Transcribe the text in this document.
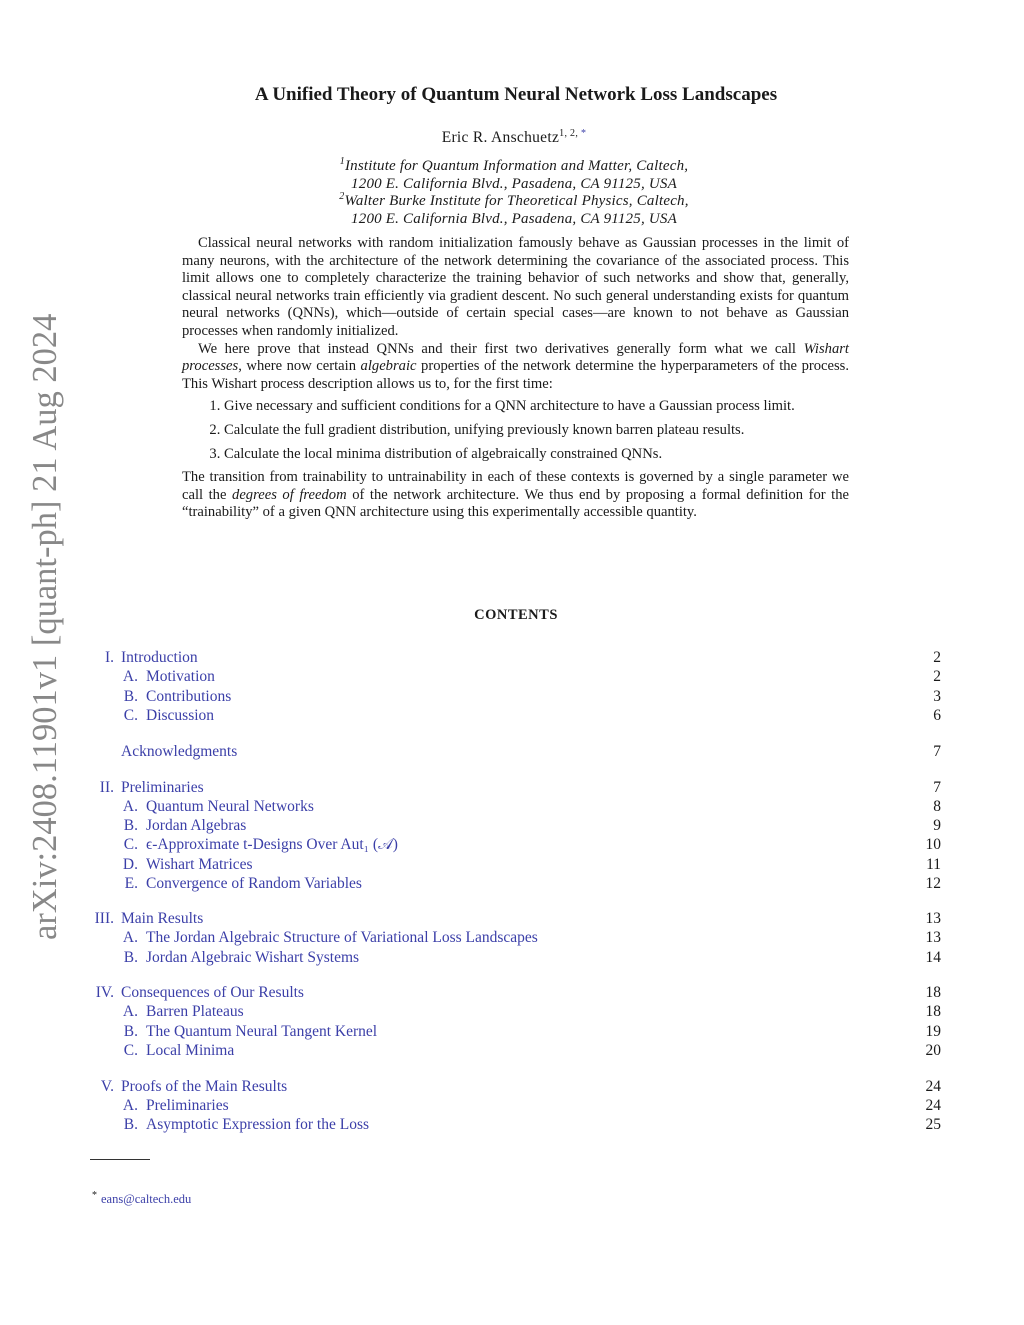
arXiv:2408.11901v1 [quant-ph] 21 Aug 2024
A Unified Theory of Quantum Neural Network Loss Landscapes
Eric R. Anschuetz$^{1, 2, *}$
$^1$Institute for Quantum Information and Matter, Caltech,
1200 E. California Blvd., Pasadena, CA 91125, USA
$^2$Walter Burke Institute for Theoretical Physics, Caltech,
1200 E. California Blvd., Pasadena, CA 91125, USA

Classical neural networks with random initialization famously behave as Gaussian processes in the limit of many neurons, with the architecture of the network determining the covariance of the associated process. This limit allows one to completely characterize the training behavior of such networks and show that, generally, classical neural networks train efficiently via gradient descent. No such general understanding exists for quantum neural networks (QNNs), which—outside of certain special cases—are known to not behave as Gaussian processes when randomly initialized.

We here prove that instead QNNs and their first two derivatives generally form what we call Wishart processes, where now certain algebraic properties of the network determine the hyperparameters of the process. This Wishart process description allows us to, for the first time:

1. Give necessary and sufficient conditions for a QNN architecture to have a Gaussian process limit.
2. Calculate the full gradient distribution, unifying previously known barren plateau results.
3. Calculate the local minima distribution of algebraically constrained QNNs.

The transition from trainability to untrainability in each of these contexts is governed by a single parameter we call the degrees of freedom of the network architecture. We thus end by proposing a formal definition for the “trainability” of a given QNN architecture using this experimentally accessible quantity.

CONTENTS
I. Introduction	2
A. Motivation	2
B. Contributions	3
C. Discussion	6
Acknowledgments	7
II. Preliminaries	7
A. Quantum Neural Networks	8
B. Jordan Algebras	9
C. ϵ-Approximate t-Designs Over Aut₁ (𝒜)	10
D. Wishart Matrices	11
E. Convergence of Random Variables	12
III. Main Results	13
A. The Jordan Algebraic Structure of Variational Loss Landscapes	13
B. Jordan Algebraic Wishart Systems	14
IV. Consequences of Our Results	18
A. Barren Plateaus	18
B. The Quantum Neural Tangent Kernel	19
C. Local Minima	20
V. Proofs of the Main Results	24
A. Preliminaries	24
B. Asymptotic Expression for the Loss	25
* eans@caltech.edu
